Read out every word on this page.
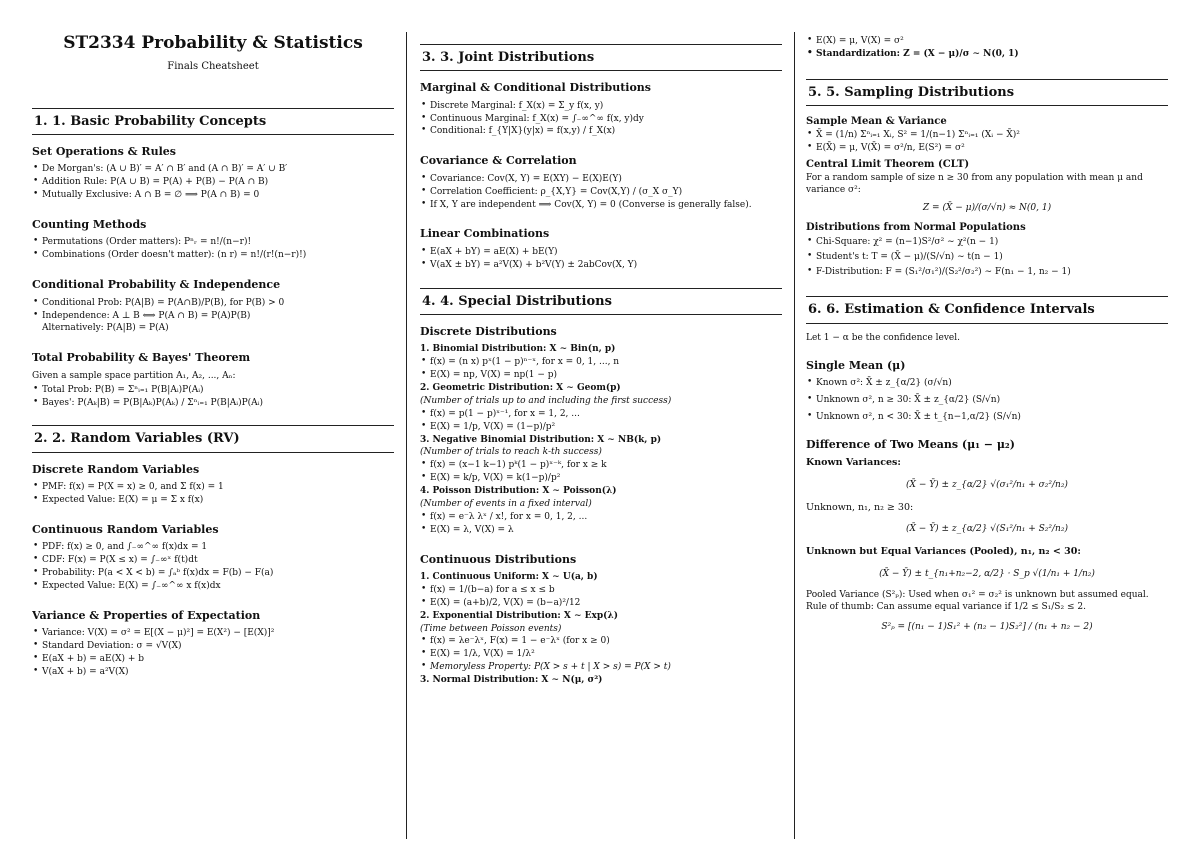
ST2334 Probability & Statistics
Finals Cheatsheet
1. 1. Basic Probability Concepts
Set Operations & Rules
• De Morgan's: (A ∪ B)′ = A′ ∩ B′ and (A ∩ B)′ = A′ ∪ B′
• Addition Rule: P(A ∪ B) = P(A) + P(B) − P(A ∩ B)
• Mutually Exclusive: A ∩ B = ∅ ⟹ P(A ∩ B) = 0
Counting Methods
• Permutations (Order matters): Pⁿᵣ = n!/(n−r)!
• Combinations (Order doesn't matter): (n r) = n!/(r!(n−r)!)
Conditional Probability & Independence
• Conditional Prob: P(A|B) = P(A∩B)/P(B), for P(B) > 0
• Independence: A ⊥ B ⟺ P(A ∩ B) = P(A)P(B)
Alternatively: P(A|B) = P(A)
Total Probability & Bayes' Theorem
Given a sample space partition A₁, A₂, ..., Aₙ:
• Total Prob: P(B) = Σⁿᵢ₌₁ P(B|Aᵢ)P(Aᵢ)
• Bayes': P(Aₖ|B) = P(B|Aₖ)P(Aₖ) / Σⁿᵢ₌₁ P(B|Aᵢ)P(Aᵢ)
2. 2. Random Variables (RV)
Discrete Random Variables
• PMF: f(x) = P(X = x) ≥ 0, and Σ f(x) = 1
• Expected Value: E(X) = μ = Σ x f(x)
Continuous Random Variables
• PDF: f(x) ≥ 0, and ∫₋∞^∞ f(x)dx = 1
• CDF: F(x) = P(X ≤ x) = ∫₋∞ˣ f(t)dt
• Probability: P(a < X < b) = ∫ₐᵇ f(x)dx = F(b) − F(a)
• Expected Value: E(X) = ∫₋∞^∞ x f(x)dx
Variance & Properties of Expectation
• Variance: V(X) = σ² = E[(X − μ)²] = E(X²) − [E(X)]²
• Standard Deviation: σ = √V(X)
• E(aX + b) = aE(X) + b
• V(aX + b) = a²V(X)
3. 3. Joint Distributions
Marginal & Conditional Distributions
• Discrete Marginal: f_X(x) = Σ_y f(x, y)
• Continuous Marginal: f_X(x) = ∫₋∞^∞ f(x, y)dy
• Conditional: f_{Y|X}(y|x) = f(x,y) / f_X(x)
Covariance & Correlation
• Covariance: Cov(X, Y) = E(XY) − E(X)E(Y)
• Correlation Coefficient: ρ_{X,Y} = Cov(X,Y) / (σ_X σ_Y)
• If X, Y are independent ⟹ Cov(X, Y) = 0 (Converse is generally false).
Linear Combinations
• E(aX + bY) = aE(X) + bE(Y)
• V(aX ± bY) = a²V(X) + b²V(Y) ± 2abCov(X, Y)
4. 4. Special Distributions
Discrete Distributions
1. Binomial Distribution: X ∼ Bin(n, p)
• f(x) = (n x) pˣ(1 − p)ⁿ⁻ˣ, for x = 0, 1, ..., n
• E(X) = np, V(X) = np(1 − p)
2. Geometric Distribution: X ∼ Geom(p)
(Number of trials up to and including the first success)
• f(x) = p(1 − p)ˣ⁻¹, for x = 1, 2, ...
• E(X) = 1/p, V(X) = (1−p)/p²
3. Negative Binomial Distribution: X ∼ NB(k, p)
(Number of trials to reach k-th success)
• f(x) = (x−1 k−1) pᵏ(1 − p)ˣ⁻ᵏ, for x ≥ k
• E(X) = k/p, V(X) = k(1−p)/p²
4. Poisson Distribution: X ∼ Poisson(λ)
(Number of events in a fixed interval)
• f(x) = e⁻λ λˣ / x!, for x = 0, 1, 2, ...
• E(X) = λ, V(X) = λ
Continuous Distributions
1. Continuous Uniform: X ∼ U(a, b)
• f(x) = 1/(b−a) for a ≤ x ≤ b
• E(X) = (a+b)/2, V(X) = (b−a)²/12
2. Exponential Distribution: X ∼ Exp(λ)
(Time between Poisson events)
• f(x) = λe⁻λˣ, F(x) = 1 − e⁻λˣ (for x ≥ 0)
• E(X) = 1/λ, V(X) = 1/λ²
• Memoryless Property: P(X > s + t | X > s) = P(X > t)
3. Normal Distribution: X ∼ N(μ, σ²)
• E(X) = μ, V(X) = σ²
• Standardization: Z = (X − μ)/σ ∼ N(0, 1)
5. 5. Sampling Distributions
Sample Mean & Variance
• X̄ = (1/n) Σⁿᵢ₌₁ Xᵢ, S² = 1/(n−1) Σⁿᵢ₌₁ (Xᵢ − X̄)²
• E(X̄) = μ, V(X̄) = σ²/n, E(S²) = σ²
Central Limit Theorem (CLT)
For a random sample of size n ≥ 30 from any population with mean μ and variance σ²:
Z = (X̄ − μ)/(σ/√n) ≈ N(0, 1)
Distributions from Normal Populations
• Chi-Square: χ² = (n−1)S²/σ² ∼ χ²(n − 1)
• Student's t: T = (X̄ − μ)/(S/√n) ∼ t(n − 1)
• F-Distribution: F = (S₁²/σ₁²)/(S₂²/σ₂²) ∼ F(n₁ − 1, n₂ − 1)
6. 6. Estimation & Confidence Intervals
Let 1 − α be the confidence level.
Single Mean (μ)
• Known σ²: X̄ ± z_{α/2} (σ/√n)
• Unknown σ², n ≥ 30: X̄ ± z_{α/2} (S/√n)
• Unknown σ², n < 30: X̄ ± t_{n−1,α/2} (S/√n)
Difference of Two Means (μ₁ − μ₂)
Known Variances:
(X̄ − Ȳ) ± z_{α/2} √(σ₁²/n₁ + σ₂²/n₂)
Unknown, n₁, n₂ ≥ 30:
(X̄ − Ȳ) ± z_{α/2} √(S₁²/n₁ + S₂²/n₂)
Unknown but Equal Variances (Pooled), n₁, n₂ < 30:
(X̄ − Ȳ) ± t_{n₁+n₂−2, α/2} · S_p √(1/n₁ + 1/n₂)
Pooled Variance (S²ₚ): Used when σ₁² = σ₂² is unknown but assumed equal. Rule of thumb: Can assume equal variance if 1/2 ≤ S₁/S₂ ≤ 2.
S²ₚ = [(n₁ − 1)S₁² + (n₂ − 1)S₂²] / (n₁ + n₂ − 2)
